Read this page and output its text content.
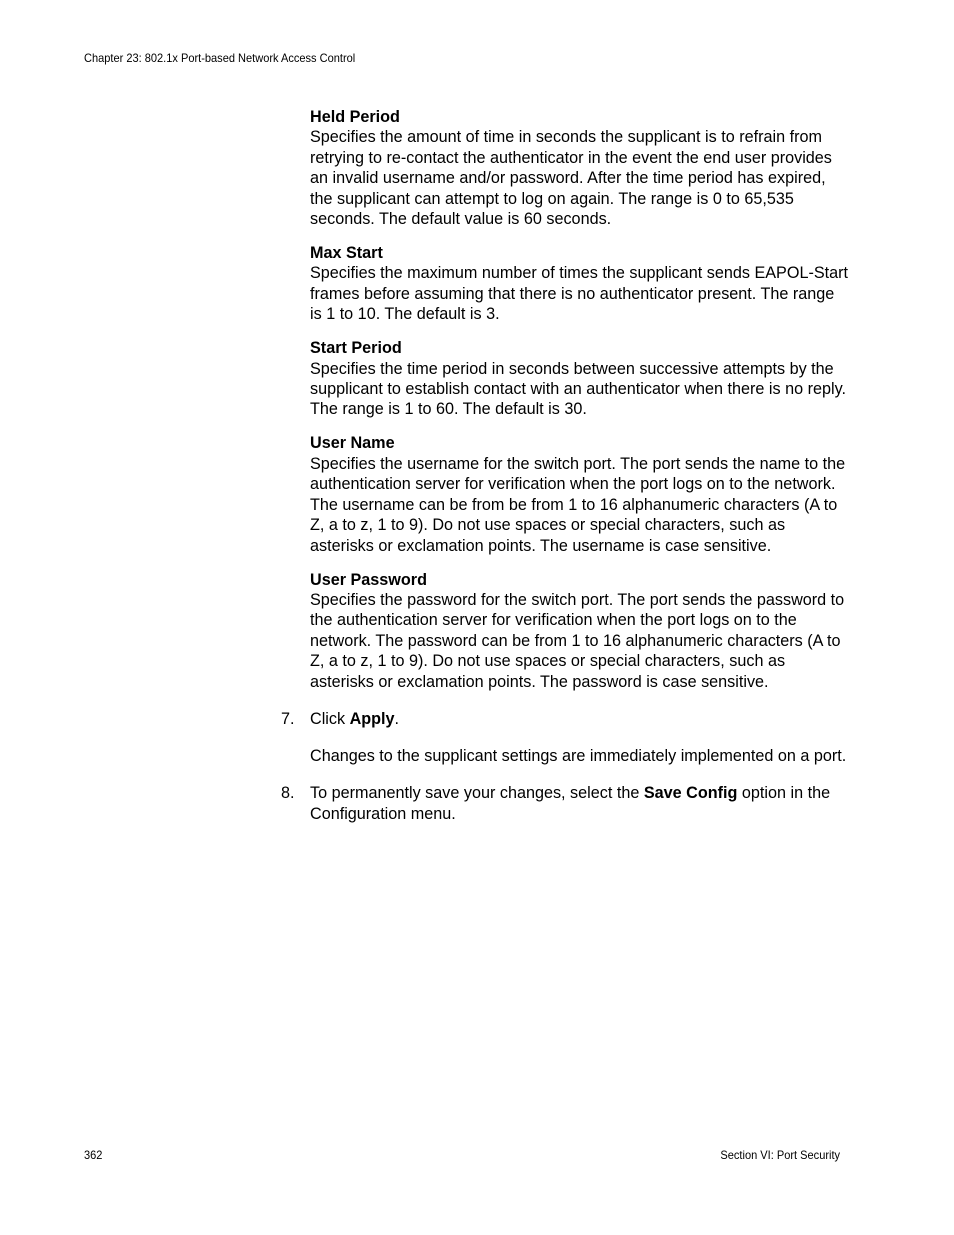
Chapter 23: 802.1x Port-based Network Access Control
Held Period
Specifies the amount of time in seconds the supplicant is to refrain from retrying to re-contact the authenticator in the event the end user provides an invalid username and/or password. After the time period has expired, the supplicant can attempt to log on again. The range is 0 to 65,535 seconds. The default value is 60 seconds.
Max Start
Specifies the maximum number of times the supplicant sends EAPOL-Start frames before assuming that there is no authenticator present. The range is 1 to 10. The default is 3.
Start Period
Specifies the time period in seconds between successive attempts by the supplicant to establish contact with an authenticator when there is no reply. The range is 1 to 60. The default is 30.
User Name
Specifies the username for the switch port. The port sends the name to the authentication server for verification when the port logs on to the network. The username can be from be from 1 to 16 alphanumeric characters (A to Z, a to z, 1 to 9). Do not use spaces or special characters, such as asterisks or exclamation points. The username is case sensitive.
User Password
Specifies the password for the switch port. The port sends the password to the authentication server for verification when the port logs on to the network. The password can be from 1 to 16 alphanumeric characters (A to Z, a to z, 1 to 9). Do not use spaces or special characters, such as asterisks or exclamation points. The password is case sensitive.
7. Click Apply.
Changes to the supplicant settings are immediately implemented on a port.
8. To permanently save your changes, select the Save Config option in the Configuration menu.
362	Section VI: Port Security
